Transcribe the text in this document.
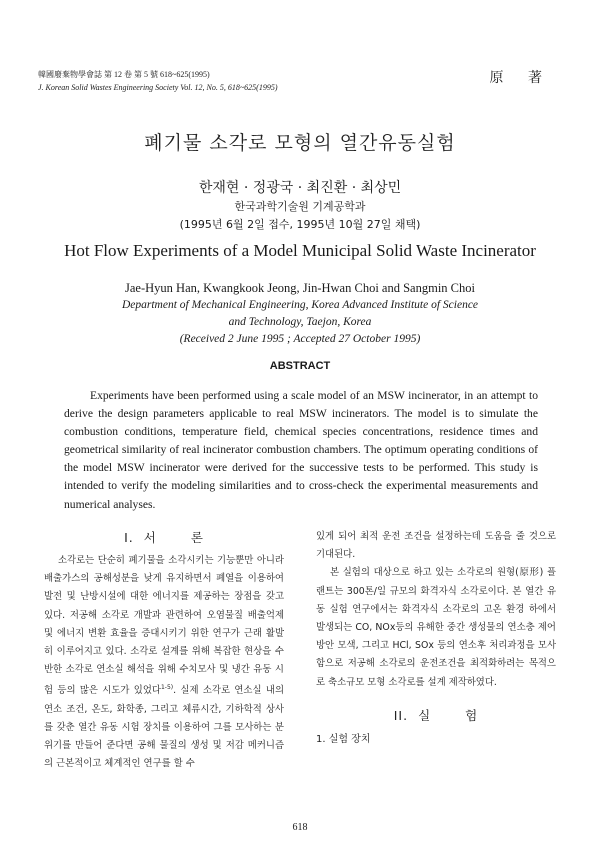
韓國廢棄物學會誌 第 12 卷 第 5 號 618~625(1995)
J. Korean Solid Wastes Engineering Society Vol. 12, No. 5, 618~625(1995)
原 著
폐기물 소각로 모형의 열간유동실험
한재현 · 정광국 · 최진환 · 최상민
한국과학기술원 기계공학과
(1995년 6월 2일 접수, 1995년 10월 27일 채택)
Hot Flow Experiments of a Model Municipal Solid Waste Incinerator
Jae-Hyun Han, Kwangkook Jeong, Jin-Hwan Choi and Sangmin Choi
Department of Mechanical Engineering, Korea Advanced Institute of Science
and Technology, Taejon, Korea
(Received 2 June 1995 ; Accepted 27 October 1995)
ABSTRACT

Experiments have been performed using a scale model of an MSW incinerator, in an attempt to derive the design parameters applicable to real MSW incinerators. The model is to simulate the combustion conditions, temperature field, chemical species concentrations, residence times and geometrical similarity of real incinerator combustion chambers. The optimum operating conditions of the model MSW incinerator were derived for the successive tests to be performed. This study is intended to verify the modeling similarities and to cross-check the experimental measurements and numerical analyses.

I. 서	론

소각로는 단순히 폐기물을 소각시키는 기능뿐만 아니라 배출가스의 공해성분을 낮게 유지하면서 폐열을 이용하여 발전 및 난방시설에 대한 에너지를 제공하는 장점을 갖고 있다. 저공해 소각로 개발과 관련하여 오염물질 배출억제 및 에너지 변환 효율을 증대시키기 위한 연구가 근래 활발히 이루어지고 있다. 소각로 설계를 위해 복잡한 현상을 수반한 소각로 연소실 해석을 위해 수치모사 및 냉간 유동 시험 등의 많은 시도가 있었다$^{1-5)}$. 실제 소각로 연소실 내의 연소 조건, 온도, 화학종, 그리고 체류시간, 기하학적 상사를 갖춘 열간 유동 시험 장치를 이용하여 그를 모사하는 분위기를 만들어 준다면 공해 물질의 생성 및 저감 메커니즘의 근본적이고 체계적인 연구를 할 수

있게 되어 최적 운전 조건을 설정하는데 도움을 줄 것으로 기대된다.

본 실험의 대상으로 하고 있는 소각로의 원형(原形) 플랜트는 300톤/일 규모의 화격자식 소각로이다. 본 열간 유동 실험 연구에서는 화격자식 소각로의 고온 환경 하에서 발생되는 CO, NOx등의 유해한 중간 생성물의 연소충 제어 방안 모색, 그리고 HCl, SOx 등의 연소후 처리과정을 모사함으로 저공해 소각로의 운전조건을 최적화하려는 목적으로 축소규모 모형 소각로를 설계 제작하였다.

II. 실	험

1. 실험 장치

618
